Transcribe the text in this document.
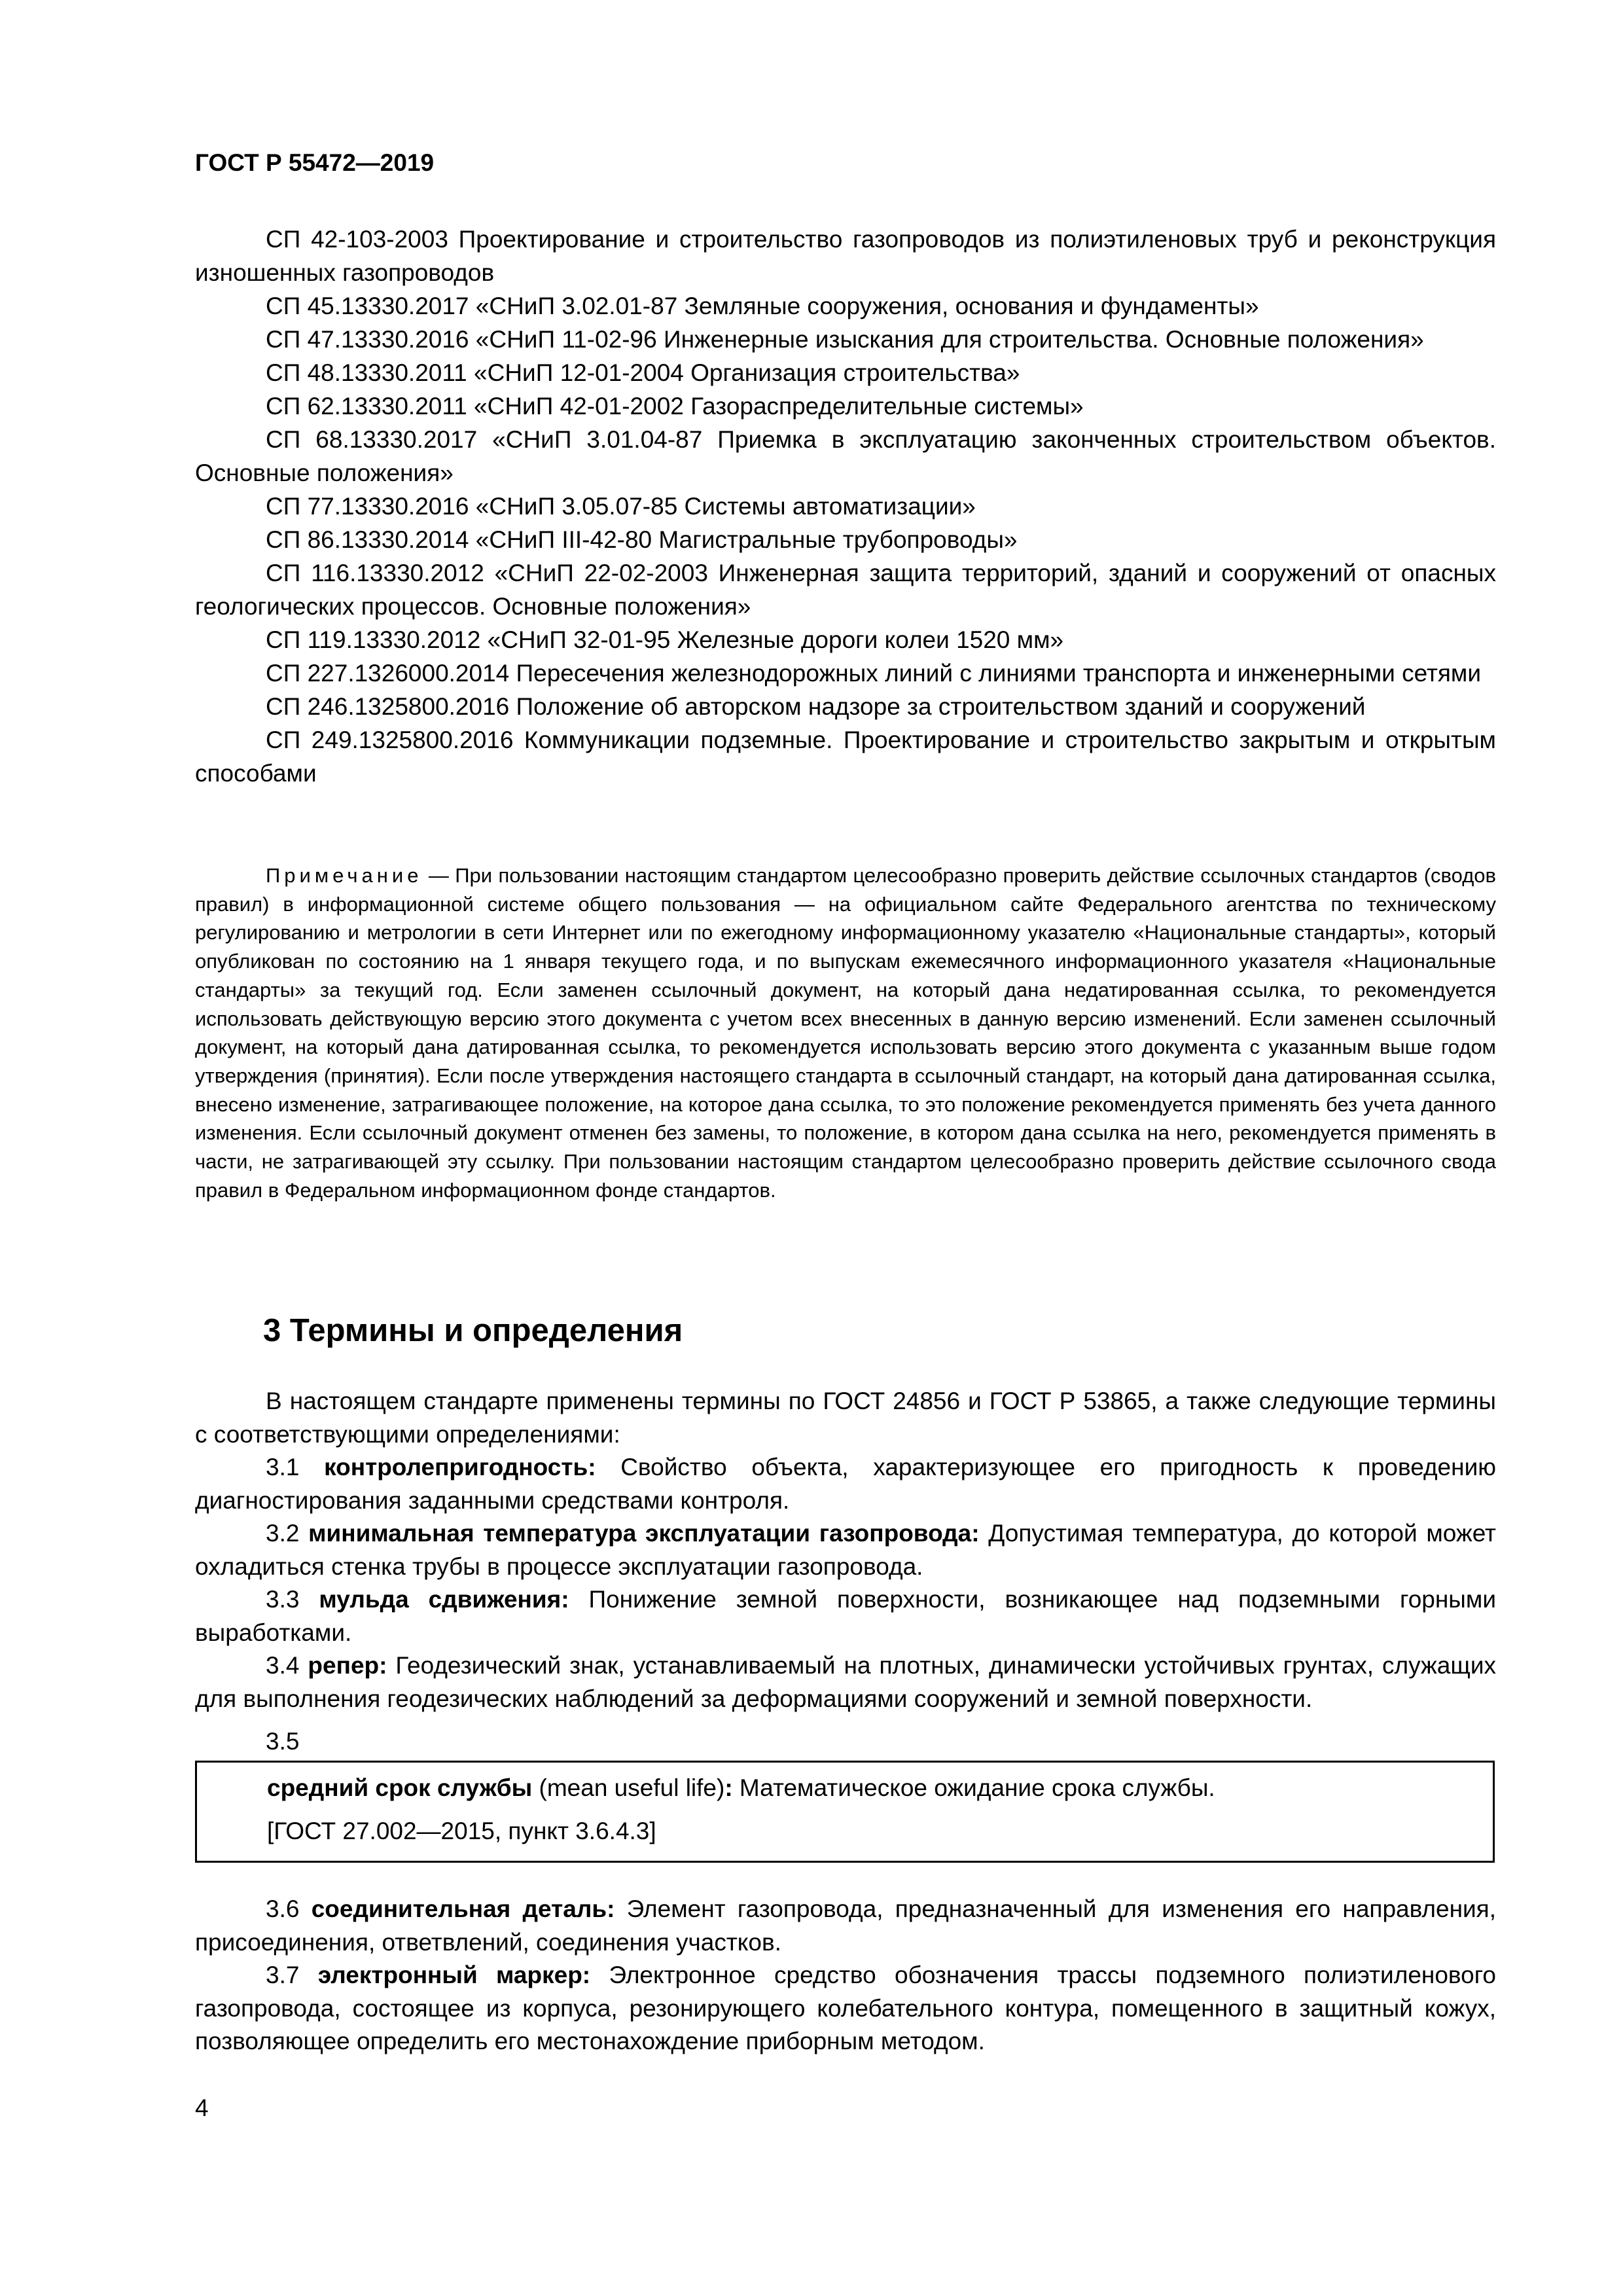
ГОСТ Р 55472—2019

СП 42-103-2003 Проектирование и строительство газопроводов из полиэтиленовых труб и реконструкция изношенных газопроводов

СП 45.13330.2017 «СНиП 3.02.01-87 Земляные сооружения, основания и фундаменты»

СП 47.13330.2016 «СНиП 11-02-96 Инженерные изыскания для строительства. Основные положения»

СП 48.13330.2011 «СНиП 12-01-2004 Организация строительства»

СП 62.13330.2011 «СНиП 42-01-2002 Газораспределительные системы»

СП 68.13330.2017 «СНиП 3.01.04-87 Приемка в эксплуатацию законченных строительством объектов. Основные положения»

СП 77.13330.2016 «СНиП 3.05.07-85 Системы автоматизации»

СП 86.13330.2014 «СНиП III-42-80 Магистральные трубопроводы»

СП 116.13330.2012 «СНиП 22-02-2003 Инженерная защита территорий, зданий и сооружений от опасных геологических процессов. Основные положения»

СП 119.13330.2012 «СНиП 32-01-95 Железные дороги колеи 1520 мм»

СП 227.1326000.2014 Пересечения железнодорожных линий с линиями транспорта и инженерными сетями

СП 246.1325800.2016 Положение об авторском надзоре за строительством зданий и сооружений

СП 249.1325800.2016 Коммуникации подземные. Проектирование и строительство закрытым и открытым способами

Примечание — При пользовании настоящим стандартом целесообразно проверить действие ссылочных стандартов (сводов правил) в информационной системе общего пользования — на официальном сайте Федерального агентства по техническому регулированию и метрологии в сети Интернет или по ежегодному информационному указателю «Национальные стандарты», который опубликован по состоянию на 1 января текущего года, и по выпускам ежемесячного информационного указателя «Национальные стандарты» за текущий год. Если заменен ссылочный документ, на который дана недатированная ссылка, то рекомендуется использовать действующую версию этого документа с учетом всех внесенных в данную версию изменений. Если заменен ссылочный документ, на который дана датированная ссылка, то рекомендуется использовать версию этого документа с указанным выше годом утверждения (принятия). Если после утверждения настоящего стандарта в ссылочный стандарт, на который дана датированная ссылка, внесено изменение, затрагивающее положение, на которое дана ссылка, то это положение рекомендуется применять без учета данного изменения. Если ссылочный документ отменен без замены, то положение, в котором дана ссылка на него, рекомендуется применять в части, не затрагивающей эту ссылку. При пользовании настоящим стандартом целесообразно проверить действие ссылочного свода правил в Федеральном информационном фонде стандартов.

3 Термины и определения

В настоящем стандарте применены термины по ГОСТ 24856 и ГОСТ Р 53865, а также следующие термины с соответствующими определениями:

3.1 контролепригодность: Свойство объекта, характеризующее его пригодность к проведению диагностирования заданными средствами контроля.

3.2 минимальная температура эксплуатации газопровода: Допустимая температура, до которой может охладиться стенка трубы в процессе эксплуатации газопровода.

3.3 мульда сдвижения: Понижение земной поверхности, возникающее над подземными горными выработками.

3.4 репер: Геодезический знак, устанавливаемый на плотных, динамически устойчивых грунтах, служащих для выполнения геодезических наблюдений за деформациями сооружений и земной поверхности.

3.5
средний срок службы (mean useful life): Математическое ожидание срока службы.
[ГОСТ 27.002—2015, пункт 3.6.4.3]

3.6 соединительная деталь: Элемент газопровода, предназначенный для изменения его направления, присоединения, ответвлений, соединения участков.

3.7 электронный маркер: Электронное средство обозначения трассы подземного полиэтиленового газопровода, состоящее из корпуса, резонирующего колебательного контура, помещенного в защитный кожух, позволяющее определить его местонахождение приборным методом.

4
